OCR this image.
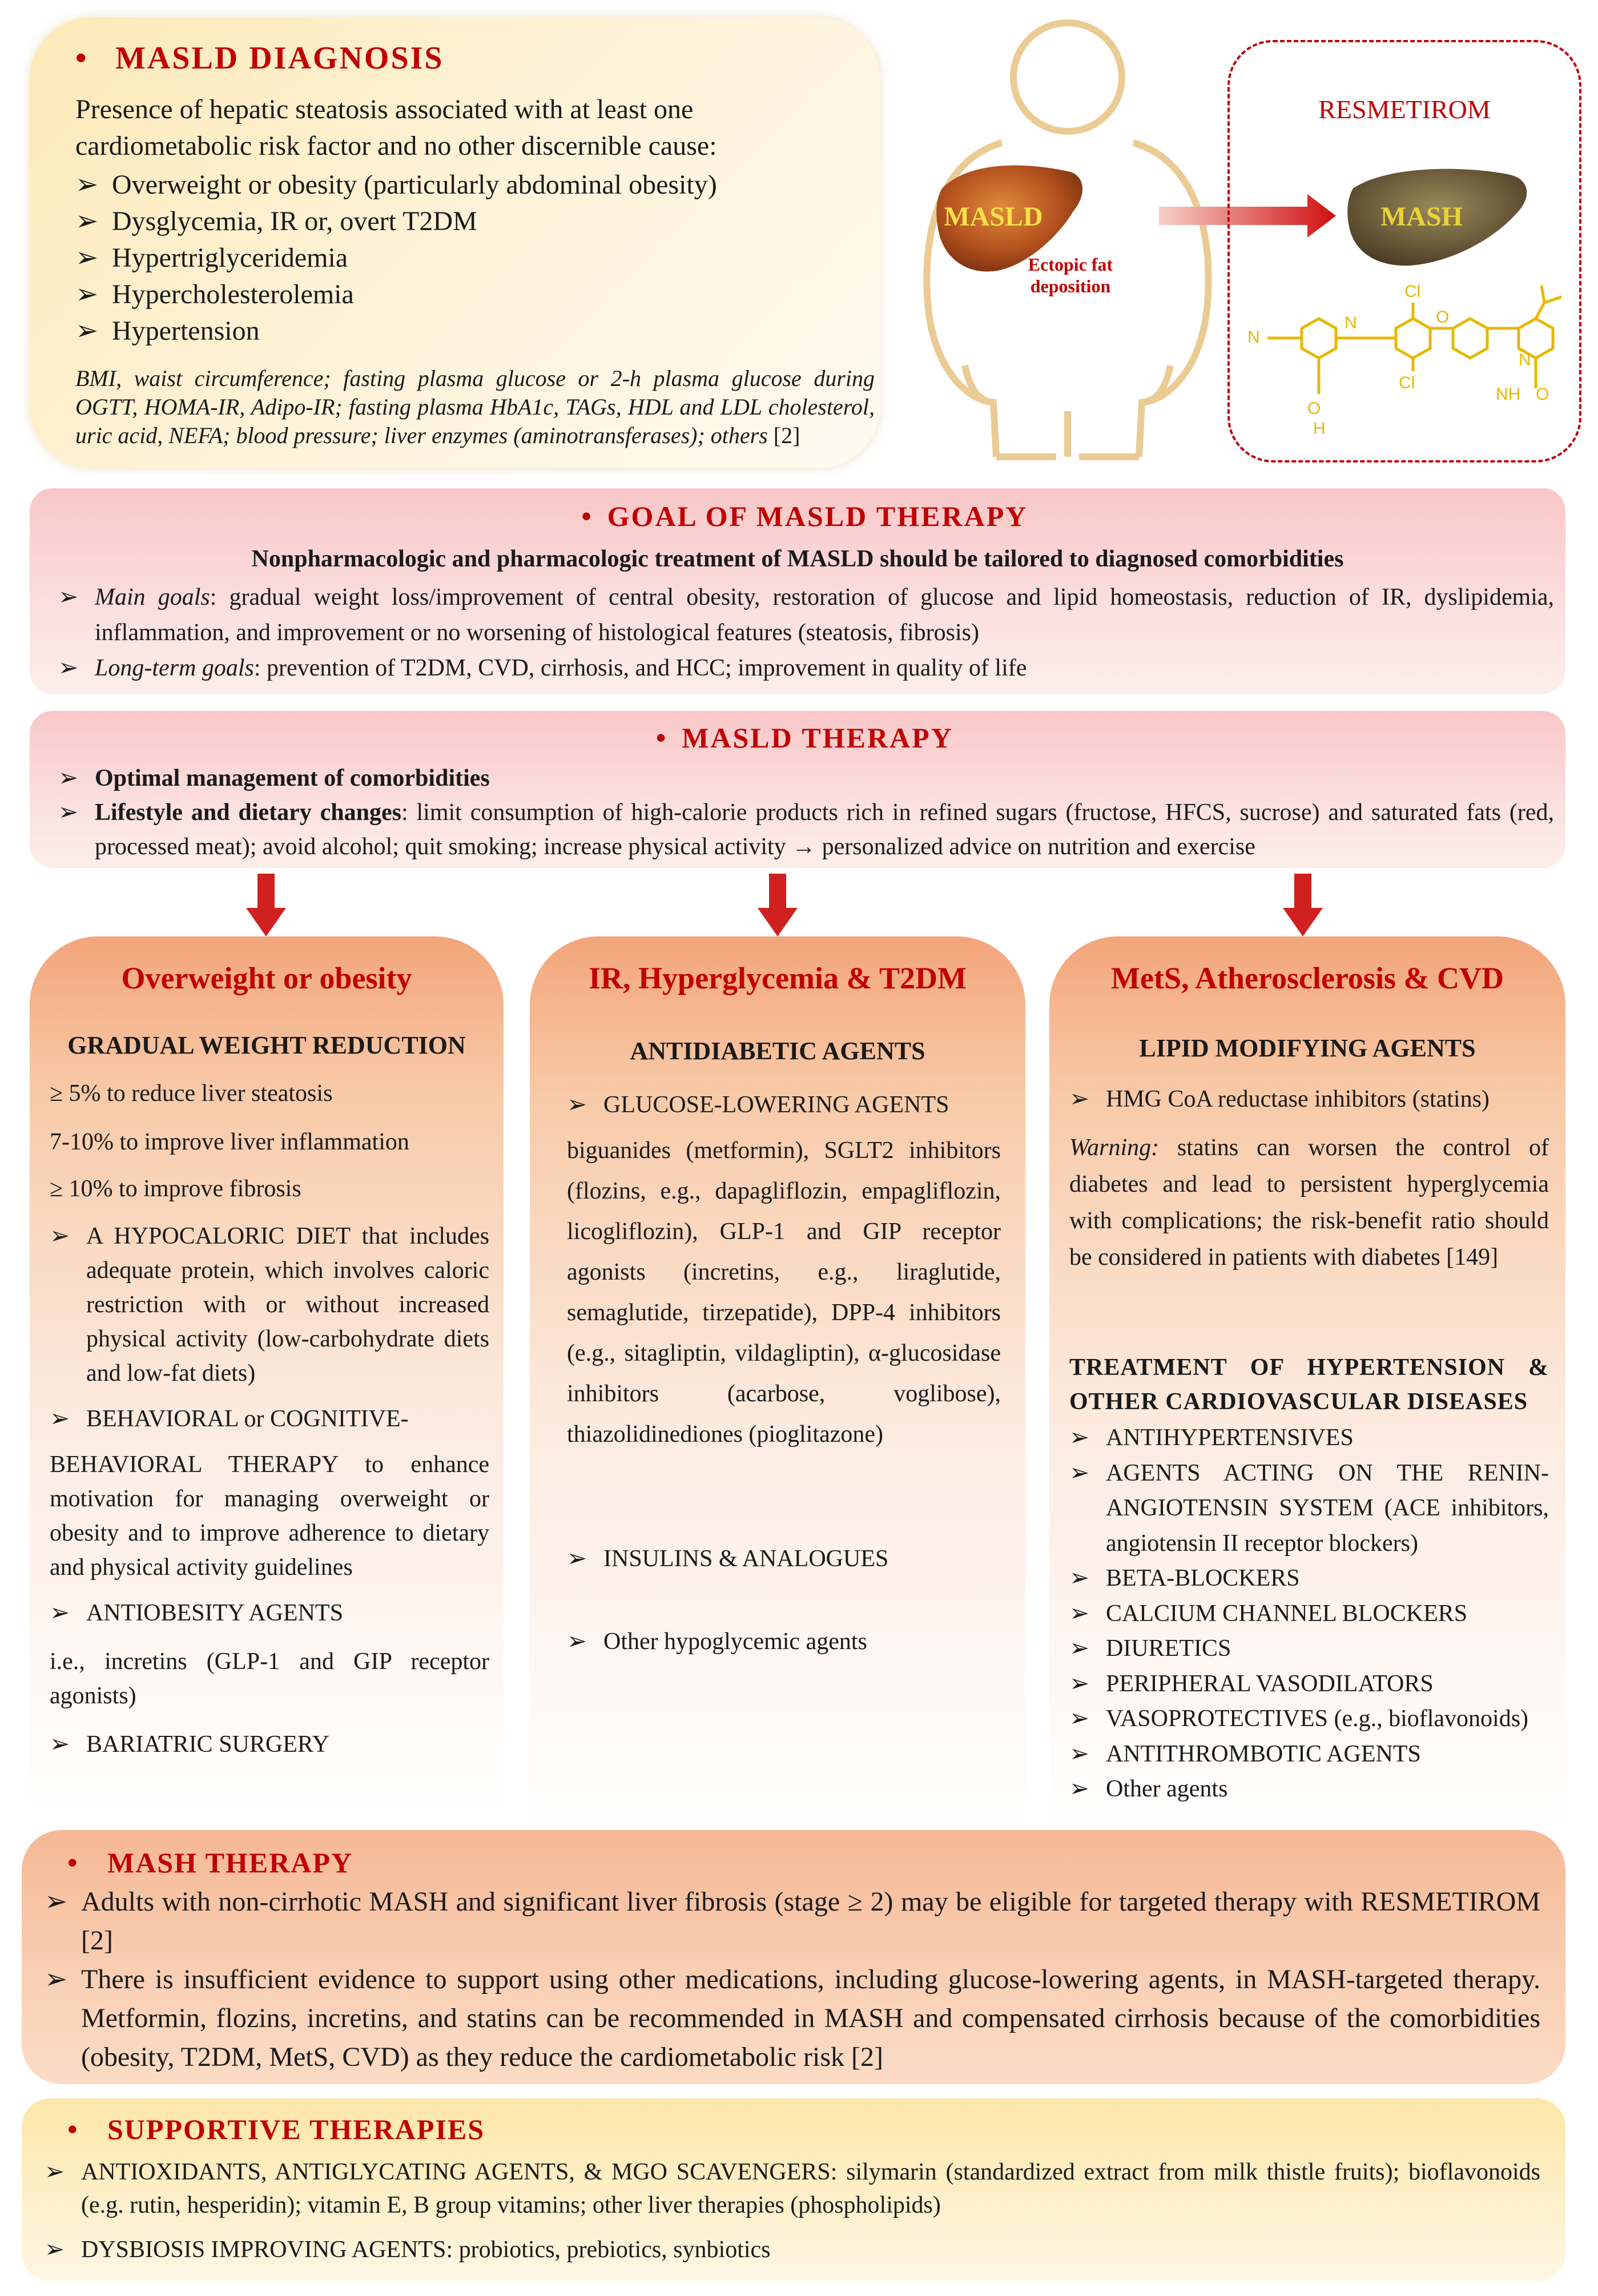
• MASLD DIAGNOSIS
Presence of hepatic steatosis associated with at least one cardiometabolic risk factor and no other discernible cause:
➢ Overweight or obesity (particularly abdominal obesity)
➢ Dysglycemia, IR or, overt T2DM
➢ Hypertriglyceridemia
➢ Hypercholesterolemia
➢ Hypertension
BMI, waist circumference; fasting plasma glucose or 2-h plasma glucose during OGTT, HOMA-IR, Adipo-IR; fasting plasma HbA1c, TAGs, HDL and LDL cholesterol, uric acid, NEFA; blood pressure; liver enzymes (aminotransferases); others [2]
MASLD
Ectopic fat
deposition
MASH
Cl
Cl
O
N
N
N
O
H
NH O
RESMETIROM
• GOAL OF MASLD THERAPY
Nonpharmacologic and pharmacologic treatment of MASLD should be tailored to diagnosed comorbidities
➢ Main goals: gradual weight loss/improvement of central obesity, restoration of glucose and lipid homeostasis, reduction of IR, dyslipidemia, inflammation, and improvement or no worsening of histological features (steatosis, fibrosis)
➢ Long-term goals: prevention of T2DM, CVD, cirrhosis, and HCC; improvement in quality of life
• MASLD THERAPY
➢ Optimal management of comorbidities
➢ Lifestyle and dietary changes: limit consumption of high-calorie products rich in refined sugars (fructose, HFCS, sucrose) and saturated fats (red, processed meat); avoid alcohol; quit smoking; increase physical activity → personalized advice on nutrition and exercise
Overweight or obesity
GRADUAL WEIGHT REDUCTION
≥ 5% to reduce liver steatosis
7-10% to improve liver inflammation
≥ 10% to improve fibrosis
➢ A HYPOCALORIC DIET that includes adequate protein, which involves caloric restriction with or without increased physical activity (low-carbohydrate diets and low-fat diets)
➢ BEHAVIORAL or COGNITIVE-
BEHAVIORAL THERAPY to enhance motivation for managing overweight or obesity and to improve adherence to dietary and physical activity guidelines
➢ ANTIOBESITY AGENTS
i.e., incretins (GLP-1 and GIP receptor agonists)
➢ BARIATRIC SURGERY
IR, Hyperglycemia & T2DM
ANTIDIABETIC AGENTS
➢ GLUCOSE-LOWERING AGENTS
biguanides (metformin), SGLT2 inhibitors (flozins, e.g., dapagliflozin, empagliflozin, licogliflozin), GLP-1 and GIP receptor agonists (incretins, e.g., liraglutide, semaglutide, tirzepatide), DPP-4 inhibitors (e.g., sitagliptin, vildagliptin), α-glucosidase inhibitors (acarbose, voglibose), thiazolidinediones (pioglitazone)
➢ INSULINS & ANALOGUES
➢ Other hypoglycemic agents
MetS, Atherosclerosis & CVD
LIPID MODIFYING AGENTS
➢ HMG CoA reductase inhibitors (statins)
Warning: statins can worsen the control of diabetes and lead to persistent hyperglycemia with complications; the risk-benefit ratio should be considered in patients with diabetes [149]
TREATMENT OF HYPERTENSION & OTHER CARDIOVASCULAR DISEASES
➢ ANTIHYPERTENSIVES
➢ AGENTS ACTING ON THE RENIN-ANGIOTENSIN SYSTEM (ACE inhibitors, angiotensin II receptor blockers)
➢ BETA-BLOCKERS
➢ CALCIUM CHANNEL BLOCKERS
➢ DIURETICS
➢ PERIPHERAL VASODILATORS
➢ VASOPROTECTIVES (e.g., bioflavonoids)
➢ ANTITHROMBOTIC AGENTS
➢ Other agents
• MASH THERAPY
➢ Adults with non-cirrhotic MASH and significant liver fibrosis (stage ≥ 2) may be eligible for targeted therapy with RESMETIROM [2]
➢ There is insufficient evidence to support using other medications, including glucose-lowering agents, in MASH-targeted therapy. Metformin, flozins, incretins, and statins can be recommended in MASH and compensated cirrhosis because of the comorbidities (obesity, T2DM, MetS, CVD) as they reduce the cardiometabolic risk [2]
• SUPPORTIVE THERAPIES
➢ ANTIOXIDANTS, ANTIGLYCATING AGENTS, & MGO SCAVENGERS: silymarin (standardized extract from milk thistle fruits); bioflavonoids (e.g. rutin, hesperidin); vitamin E, B group vitamins; other liver therapies (phospholipids)
➢ DYSBIOSIS IMPROVING AGENTS: probiotics, prebiotics, synbiotics
